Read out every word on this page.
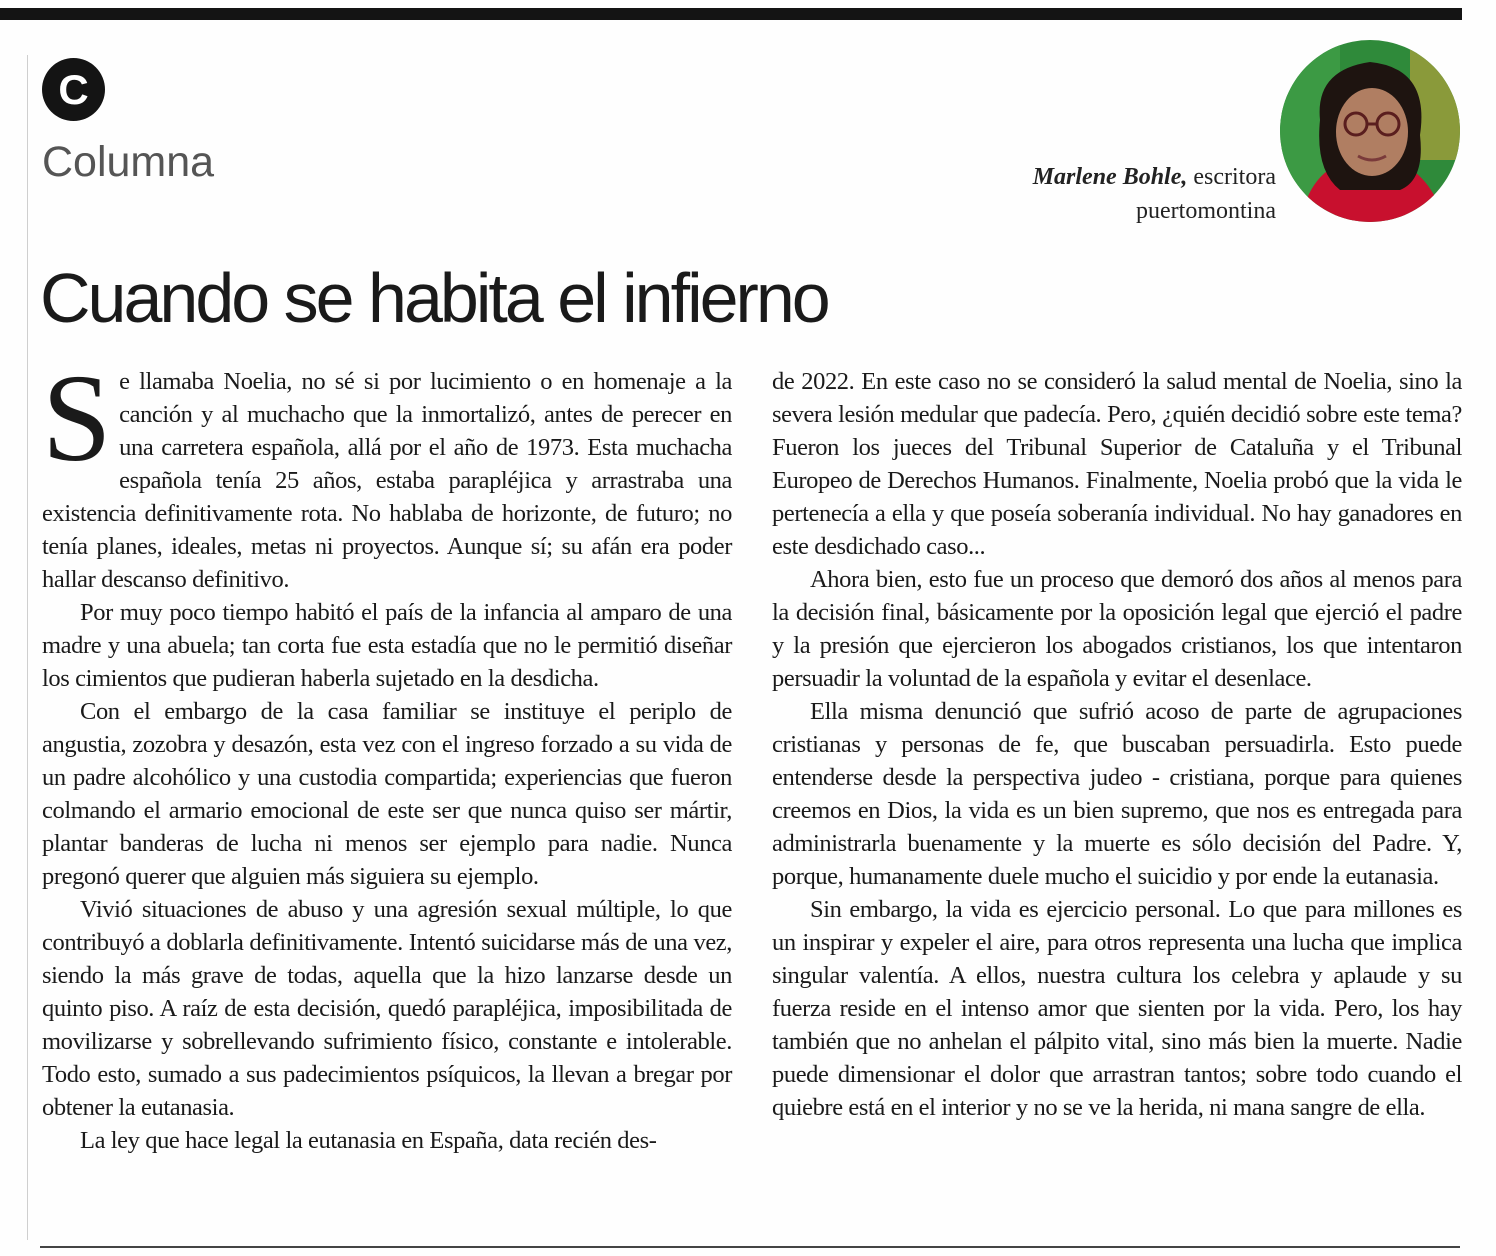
C
Columna	Marlene Bohle, escritora
puertomontina
Cuando se habita el infierno

Se llamaba Noelia, no sé si por lucimiento o en homenaje a la canción y al muchacho que la inmortalizó, antes de perecer en una carretera española, allá por el año de 1973. Esta muchacha española tenía 25 años, estaba parapléjica y arrastraba una existencia definitivamente rota. No hablaba de horizonte, de futuro; no tenía planes, ideales, metas ni proyectos. Aunque sí; su afán era poder hallar descanso definitivo.

Por muy poco tiempo habitó el país de la infancia al amparo de una madre y una abuela; tan corta fue esta estadía que no le permitió diseñar los cimientos que pudieran haberla sujetado en la desdicha.

Con el embargo de la casa familiar se instituye el periplo de angustia, zozobra y desazón, esta vez con el ingreso forzado a su vida de un padre alcohólico y una custodia compartida; experiencias que fueron colmando el armario emocional de este ser que nunca quiso ser mártir, plantar banderas de lucha ni menos ser ejemplo para nadie. Nunca pregonó querer que alguien más siguiera su ejemplo.

Vivió situaciones de abuso y una agresión sexual múltiple, lo que contribuyó a doblarla definitivamente. Intentó suicidarse más de una vez, siendo la más grave de todas, aquella que la hizo lanzarse desde un quinto piso. A raíz de esta decisión, quedó parapléjica, imposibilitada de movilizarse y sobrellevando sufrimiento físico, constante e intolerable. Todo esto, sumado a sus padecimientos psíquicos, la llevan a bregar por obtener la eutanasia.

La ley que hace legal la eutanasia en España, data recién des-

de 2022. En este caso no se consideró la salud mental de Noelia, sino la severa lesión medular que padecía. Pero, ¿quién decidió sobre este tema? Fueron los jueces del Tribunal Superior de Cataluña y el Tribunal Europeo de Derechos Humanos. Finalmente, Noelia probó que la vida le pertenecía a ella y que poseía soberanía individual. No hay ganadores en este desdichado caso...

Ahora bien, esto fue un proceso que demoró dos años al menos para la decisión final, básicamente por la oposición legal que ejerció el padre y la presión que ejercieron los abogados cristianos, los que intentaron persuadir la voluntad de la española y evitar el desenlace.

Ella misma denunció que sufrió acoso de parte de agrupaciones cristianas y personas de fe, que buscaban persuadirla. Esto puede entenderse desde la perspectiva judeo - cristiana, porque para quienes creemos en Dios, la vida es un bien supremo, que nos es entregada para administrarla buenamente y la muerte es sólo decisión del Padre. Y, porque, humanamente duele mucho el suicidio y por ende la eutanasia.

Sin embargo, la vida es ejercicio personal. Lo que para millones es un inspirar y expeler el aire, para otros representa una lucha que implica singular valentía. A ellos, nuestra cultura los celebra y aplaude y su fuerza reside en el intenso amor que sienten por la vida. Pero, los hay también que no anhelan el pálpito vital, sino más bien la muerte. Nadie puede dimensionar el dolor que arrastran tantos; sobre todo cuando el quiebre está en el interior y no se ve la herida, ni mana sangre de ella.
